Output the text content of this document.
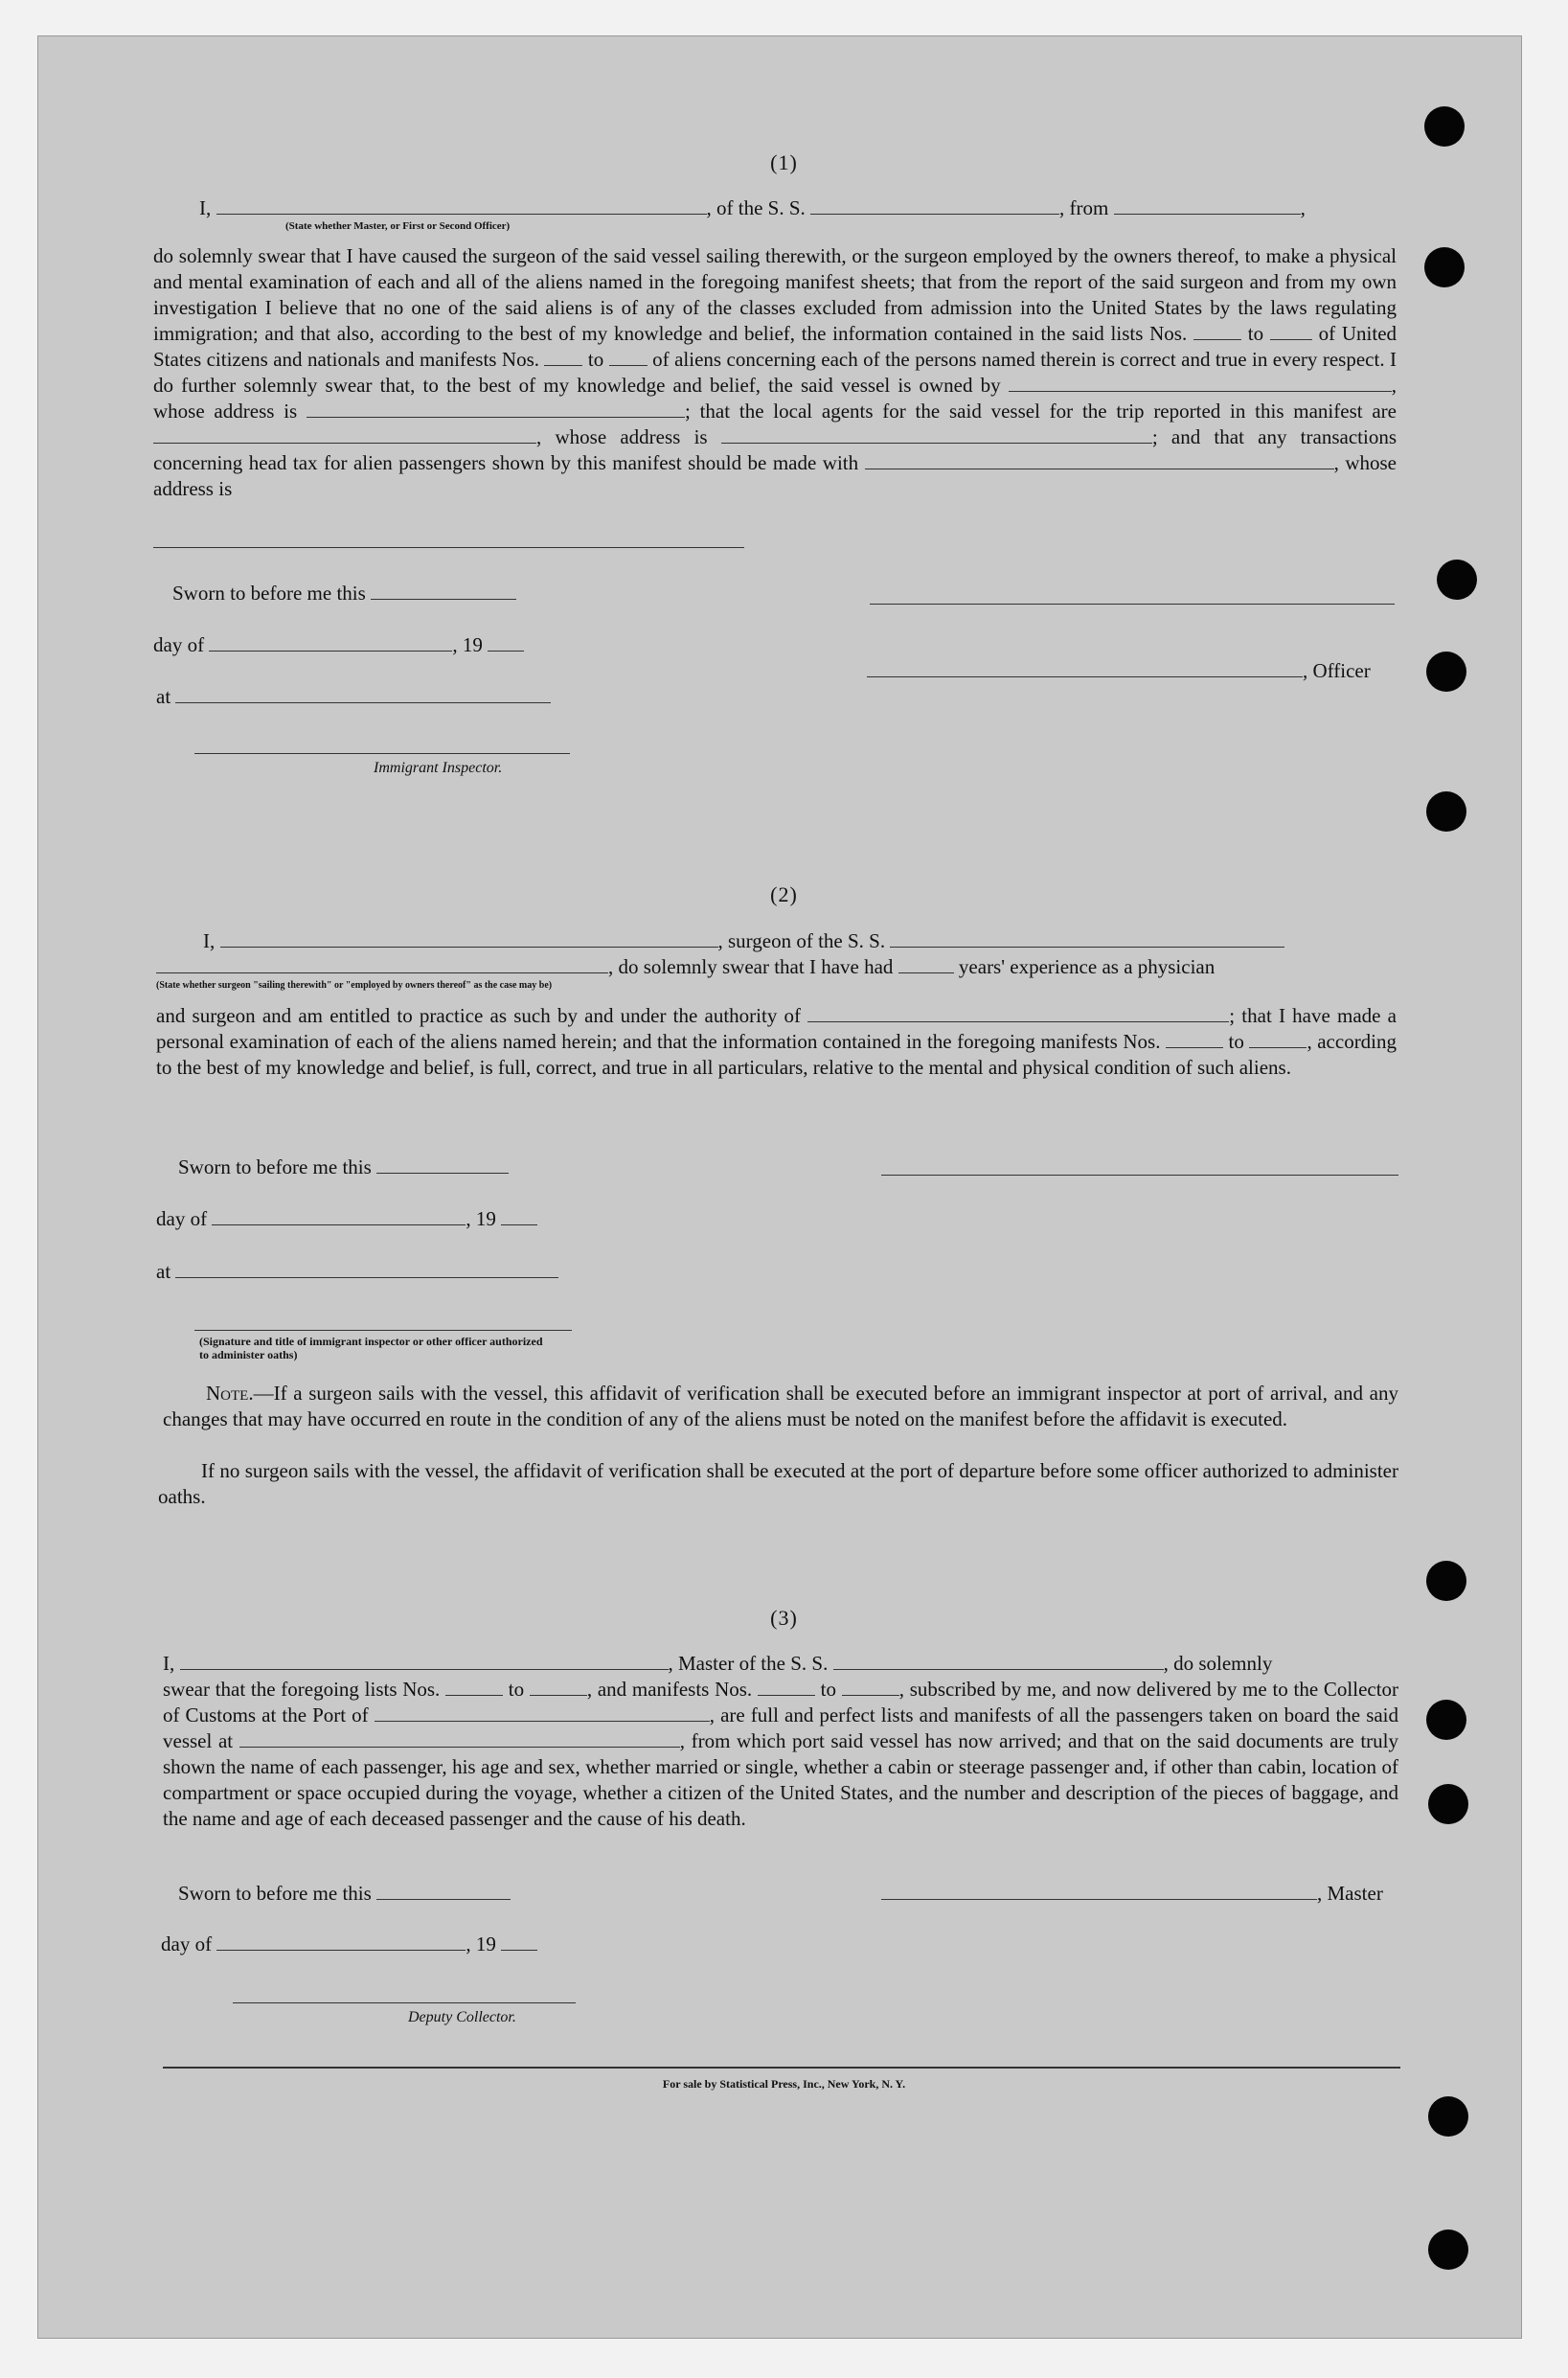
(1)
I,	, of the S. S.	, from	,
(State whether Master, or First or Second Officer)
do solemnly swear that I have caused the surgeon of the said vessel sailing therewith, or the surgeon employed by the owners thereof, to make a physical and mental examination of each and all of the aliens named in the foregoing manifest sheets; that from the report of the said surgeon and from my own investigation I believe that no one of the said aliens is of any of the classes excluded from admission into the United States by the laws regulating immigration; and that also, according to the best of my knowledge and belief, the information contained in the said lists Nos.	to	of United States citizens and nationals and manifests Nos. to of aliens concerning each of the persons named therein is correct and true in every respect. I do further solemnly swear that, to the best of my knowledge and belief, the said vessel is owned by	, whose address is	; that the local agents for the said vessel for the trip reported in this manifest are , whose address is	; and that any transactions concerning head tax for alien passengers shown by this manifest should be made with	, whose address is
Sworn to before me this
day of	, 19
, Officer
at
Immigrant Inspector.
(2)
I,	, surgeon of the S. S.
, do solemnly swear that I have had	years' experience as a physician
(State whether surgeon "sailing therewith" or "employed by owners thereof" as the case may be)
and surgeon and am entitled to practice as such by and under the authority of	; that I have made a personal examination of each of the aliens named herein; and that the information contained in the foregoing manifests Nos.	to	, according to the best of my knowledge and belief, is full, correct, and true in all particulars, relative to the mental and physical condition of such aliens.
Sworn to before me this
day of	, 19
at
(Signature and title of immigrant inspector or other officer authorized to administer oaths)
Note.—If a surgeon sails with the vessel, this affidavit of verification shall be executed before an immigrant inspector at port of arrival, and any changes that may have occurred en route in the condition of any of the aliens must be noted on the manifest before the affidavit is executed.
If no surgeon sails with the vessel, the affidavit of verification shall be executed at the port of departure before some officer authorized to administer oaths.
(3)
I,	, Master of the S. S.	, do solemnly
swear that the foregoing lists Nos.	to	, and manifests Nos.	to	, subscribed by me, and now delivered by me to the Collector of Customs at the Port of	, are full and perfect lists and manifests of all the passengers taken on board the said vessel at	, from which port said vessel has now arrived; and that on the said documents are truly shown the name of each passenger, his age and sex, whether married or single, whether a cabin or steerage passenger and, if other than cabin, location of compartment or space occupied during the voyage, whether a citizen of the United States, and the number and description of the pieces of baggage, and the name and age of each deceased passenger and the cause of his death.
Sworn to before me this	, Master
day of	, 19
Deputy Collector.
For sale by Statistical Press, Inc., New York, N. Y.
